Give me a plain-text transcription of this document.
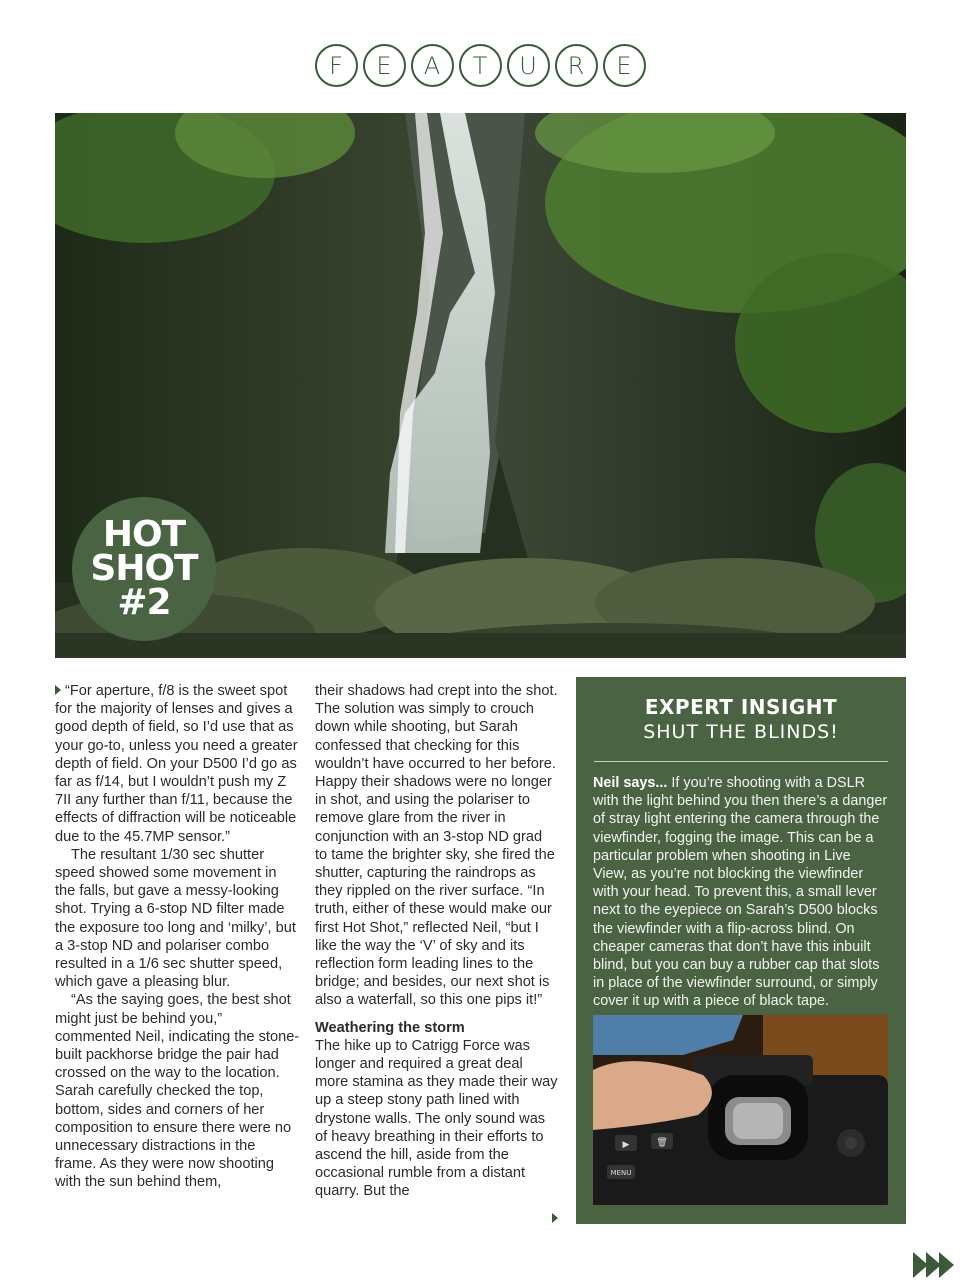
F	E	A	T	U	R	E
HOT
SHOT
#2

“For aperture, f/8 is the sweet spot for the majority of lenses and gives a good depth of field, so I’d use that as your go-to, unless you need a greater depth of field. On your D500 I’d go as far as f/14, but I wouldn’t push my Z 7II any further than f/11, because the effects of diffraction will be noticeable due to the 45.7MP sensor.”

The resultant 1/30 sec shutter speed showed some movement in the falls, but gave a messy-looking shot. Trying a 6-stop ND filter made the exposure too long and ‘milky’, but a 3-stop ND and polariser combo resulted in a 1/6 sec shutter speed, which gave a pleasing blur.

“As the saying goes, the best shot might just be behind you,” commented Neil, indicating the stone-built packhorse bridge the pair had crossed on the way to the location. Sarah carefully checked the top, bottom, sides and corners of her composition to ensure there were no unnecessary distractions in the frame. As they were now shooting with the sun behind them,

their shadows had crept into the shot. The solution was simply to crouch down while shooting, but Sarah confessed that checking for this wouldn’t have occurred to her before. Happy their shadows were no longer in shot, and using the polariser to remove glare from the river in conjunction with an 3-stop ND grad to tame the brighter sky, she fired the shutter, capturing the raindrops as they rippled on the river surface. “In truth, either of these would make our first Hot Shot,” reflected Neil, “but I like the way the ‘V’ of sky and its reflection form leading lines to the bridge; and besides, our next shot is also a waterfall, so this one pips it!”

Weathering the storm

The hike up to Catrigg Force was longer and required a great deal more stamina as they made their way up a steep stony path lined with drystone walls. The only sound was of heavy breathing in their efforts to ascend the hill, aside from the occasional rumble from a distant quarry. But the

EXPERT INSIGHT
SHUT THE BLINDS!
Neil says... If you’re shooting with a DSLR with the light behind you then there’s a danger of stray light entering the camera through the viewfinder, fogging the image. This can be a particular problem when shooting in Live View, as you’re not blocking the viewfinder with your head. To prevent this, a small lever next to the eyepiece on Sarah’s D500 blocks the viewfinder with a flip-across blind. On cheaper cameras that don’t have this inbuilt blind, but you can buy a rubber cap that slots in place of the viewfinder surround, or simply cover it up with a piece of black tape.
▶	🗑
MENU
